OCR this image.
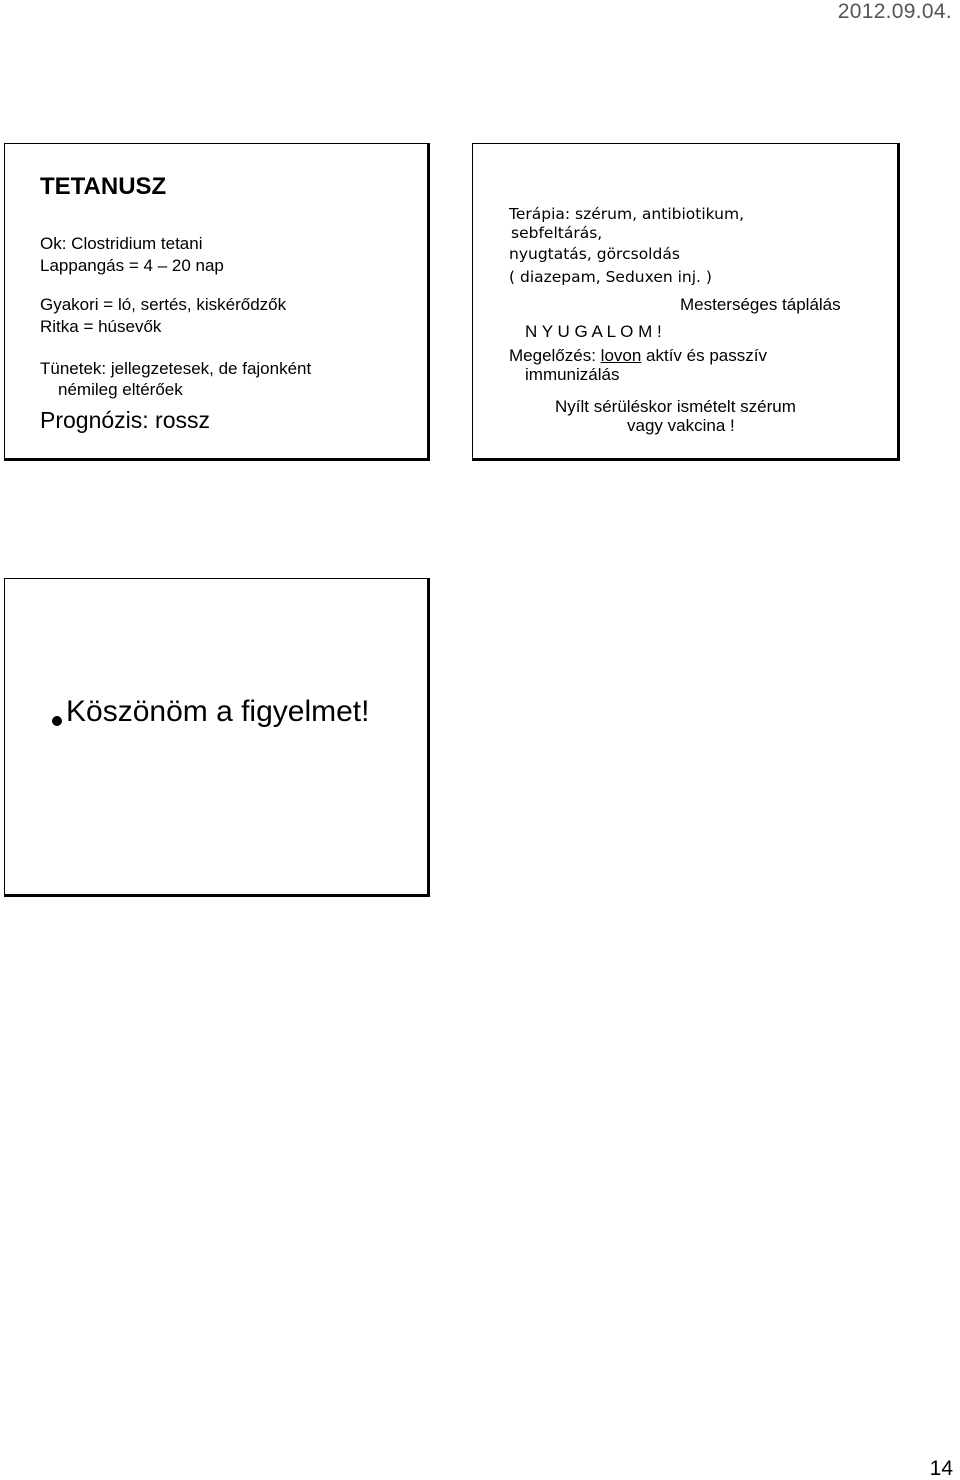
2012.09.04.
TETANUSZ
Ok: Clostridium tetani
Lappangás = 4 – 20 nap
Gyakori = ló, sertés, kiskérődzők
Ritka = húsevők
Tünetek: jellegzetesek, de fajonként
némileg eltérőek
Prognózis: rossz
Terápia: szérum, antibiotikum,
sebfeltárás,
nyugtatás, görcsoldás
( diazepam, Seduxen inj. )
Mesterséges táplálás
N Y U G A L O M !
Megelőzés: lovon aktív és passzív
immunizálás
Nyílt sérüléskor ismételt szérum
vagy vakcina !
Köszönöm a figyelmet!
14
